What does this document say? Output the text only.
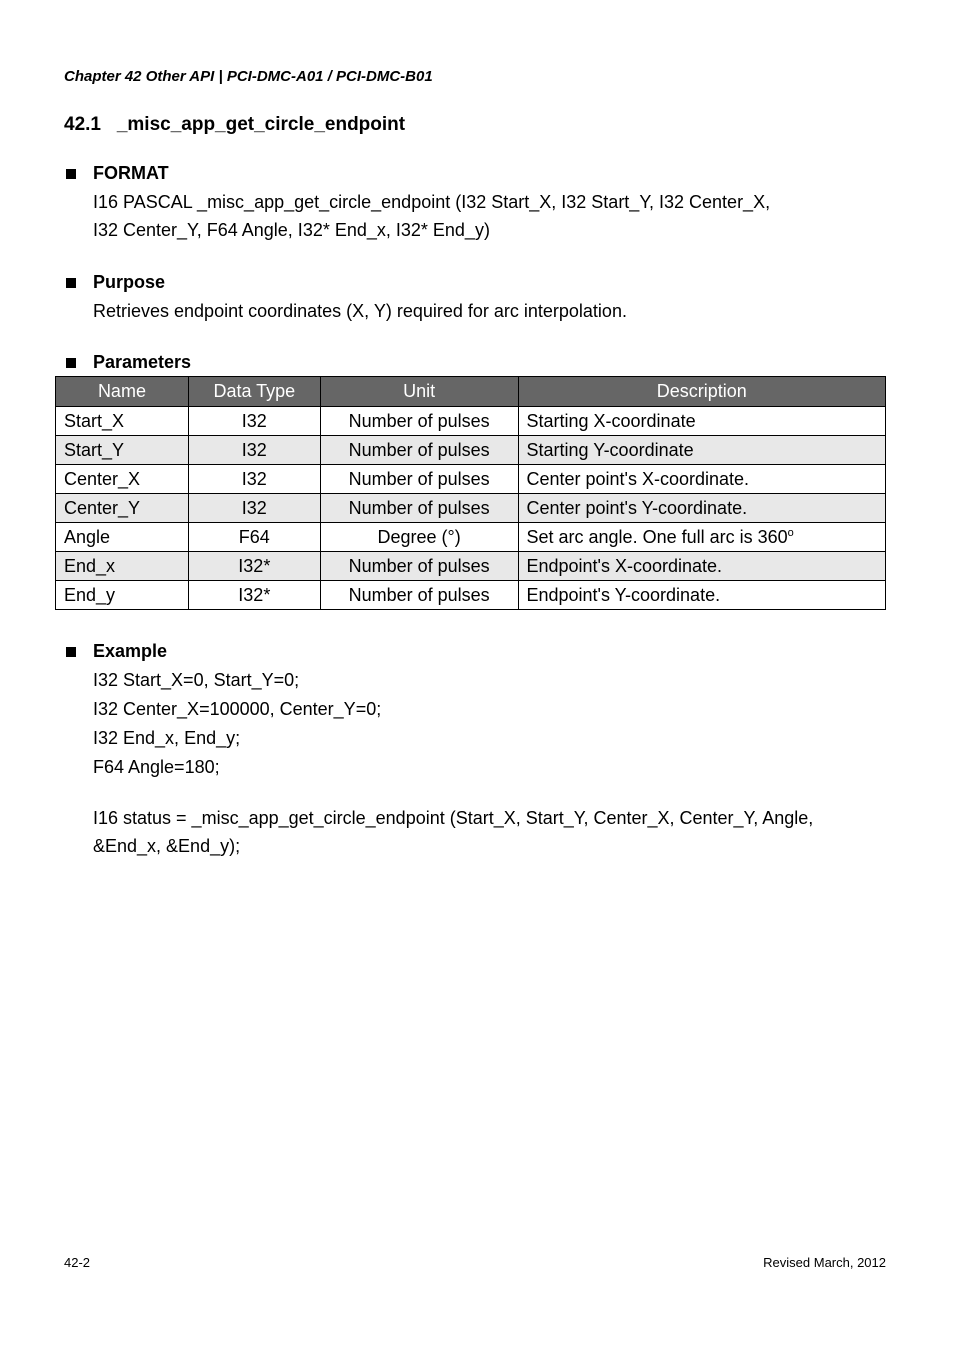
Chapter 42 Other API | PCI-DMC-A01 / PCI-DMC-B01
42.1 _misc_app_get_circle_endpoint
FORMAT
I16 PASCAL _misc_app_get_circle_endpoint (I32 Start_X, I32 Start_Y, I32 Center_X,
I32 Center_Y, F64 Angle, I32* End_x, I32* End_y)
Purpose
Retrieves endpoint coordinates (X, Y) required for arc interpolation.
Parameters
Name	Data Type	Unit	Description
Start_X	I32	Number of pulses	Starting X-coordinate
Start_Y	I32	Number of pulses	Starting Y-coordinate
Center_X	I32	Number of pulses	Center point's X-coordinate.
Center_Y	I32	Number of pulses	Center point's Y-coordinate.
Angle	F64	Degree (°)	Set arc angle. One full arc is 360$^o$
End_x	I32*	Number of pulses	Endpoint's X-coordinate.
End_y	I32*	Number of pulses	Endpoint's Y-coordinate.
Example
I32 Start_X=0, Start_Y=0;
I32 Center_X=100000, Center_Y=0;
I32 End_x, End_y;
F64 Angle=180;
I16 status = _misc_app_get_circle_endpoint (Start_X, Start_Y, Center_X, Center_Y, Angle,
&End_x, &End_y);
42-2	Revised March, 2012
